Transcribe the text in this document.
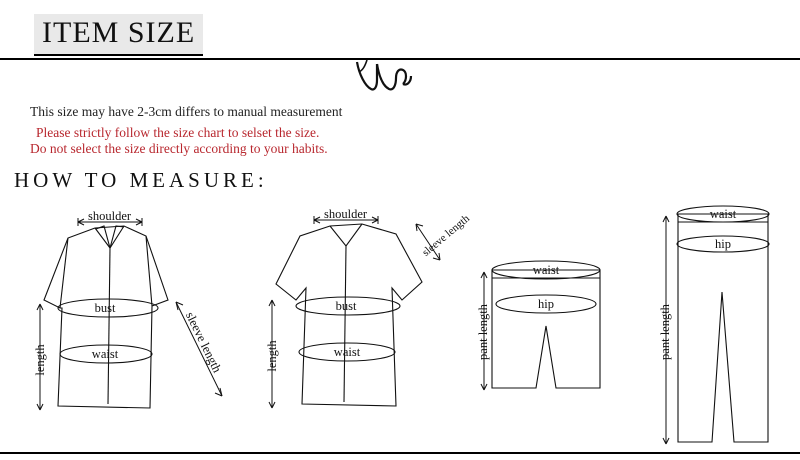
ITEM SIZE
This size may have 2-3cm differs to manual measurement
Please strictly follow the size chart to selset the size.
Do not select the size directly according to your habits.
HOW TO MEASURE:
shoulder
bust
waist
length	sleeve length
shoulder
bust
waist
length
sleeve length
waist
hip
pant length
waist
hip
pant length
